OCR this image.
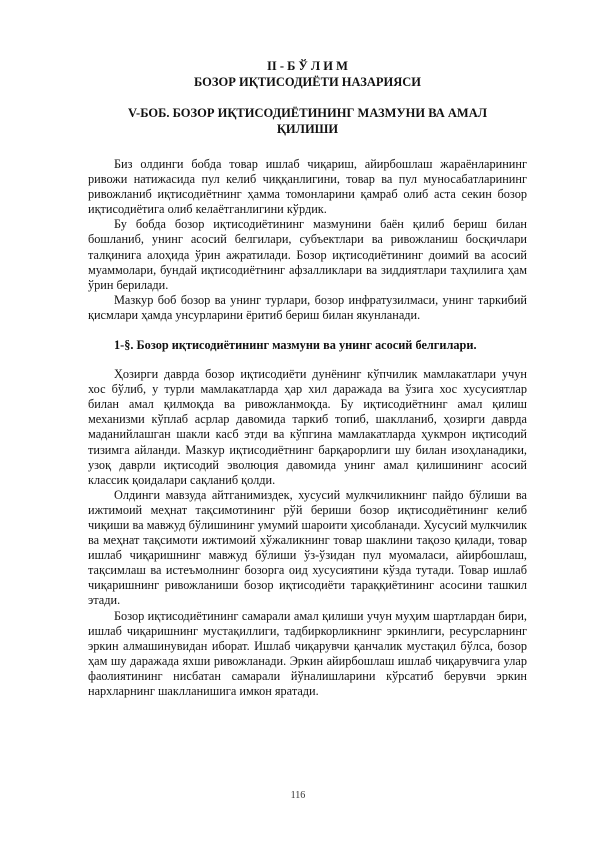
II - Б Ў Л И М

БОЗОР ИҚТИСОДИЁТИ НАЗАРИЯСИ

V-БОБ. БОЗОР ИҚТИСОДИЁТИНИНГ МАЗМУНИ ВА АМАЛ ҚИЛИШИ

Биз олдинги бобда товар ишлаб чиқариш, айирбошлаш жараёнларининг ривожи натижасида пул келиб чиққанлигини, товар ва пул муносабатларининг ривожланиб иқтисодиётнинг ҳамма томонларини қамраб олиб аста секин бозор иқтисодиётига олиб келаётганлигини кўрдик.

Бу бобда бозор иқтисодиётининг мазмунини баён қилиб бериш билан бошланиб, унинг асосий белгилари, субъектлари ва ривожланиш босқичлари талқинига алоҳида ўрин ажратилади. Бозор иқтисодиётининг доимий ва асосий муаммолари, бундай иқтисодиётнинг афзалликлари ва зиддиятлари таҳлилига ҳам ўрин берилади.

Мазкур боб бозор ва унинг турлари, бозор инфратузилмаси, унинг таркибий қисмлари ҳамда унсурларини ёритиб бериш билан якунланади.

1-§. Бозор иқтисодиётининг мазмуни ва унинг асосий белгилари.

Ҳозирги даврда бозор иқтисодиёти дунёнинг кўпчилик мамлакатлари учун хос бўлиб, у турли мамлакатларда ҳар хил даражада ва ўзига хос хусусиятлар билан амал қилмоқда ва ривожланмоқда. Бу иқтисодиётнинг амал қилиш механизми кўплаб асрлар давомида таркиб топиб, шаклланиб, ҳозирги даврда маданийлашган шакли касб этди ва кўпгина мамлакатларда ҳукмрон иқтисодий тизимга айланди. Мазкур иқтисодиётнинг барқарорлиги шу билан изоҳланадики, узоқ даврли иқтисодий эволюция давомида унинг амал қилишининг асосий классик қоидалари сақланиб қолди.

Олдинги мавзуда айтганимиздек, хусусий мулкчиликнинг пайдо бўлиши ва ижтимоий меҳнат тақсимотининг рўй бериши бозор иқтисодиётининг келиб чиқиши ва мавжуд бўлишининг умумий шароити ҳисобланади. Хусусий мулкчилик ва меҳнат тақсимоти ижтимоий хўжаликнинг товар шаклини тақозо қилади, товар ишлаб чиқаришнинг мавжуд бўлиши ўз-ўзидан пул муомаласи, айирбошлаш, тақсимлаш ва истеъмолнинг бозорга оид хусусиятини кўзда тутади. Товар ишлаб чиқаришнинг ривожланиши бозор иқтисодиёти тараққиётининг асосини ташкил этади.

Бозор иқтисодиётининг самарали амал қилиши учун муҳим шартлардан бири, ишлаб чиқаришнинг мустақиллиги, тадбиркорликнинг эркинлиги, ресурсларнинг эркин алмашинувидан иборат. Ишлаб чиқарувчи қанчалик мустақил бўлса, бозор ҳам шу даражада яхши ривожланади. Эркин айирбошлаш ишлаб чиқарувчига улар фаолиятининг нисбатан самарали йўналишларини кўрсатиб берувчи эркин нархларнинг шаклланишига имкон яратади.

116
